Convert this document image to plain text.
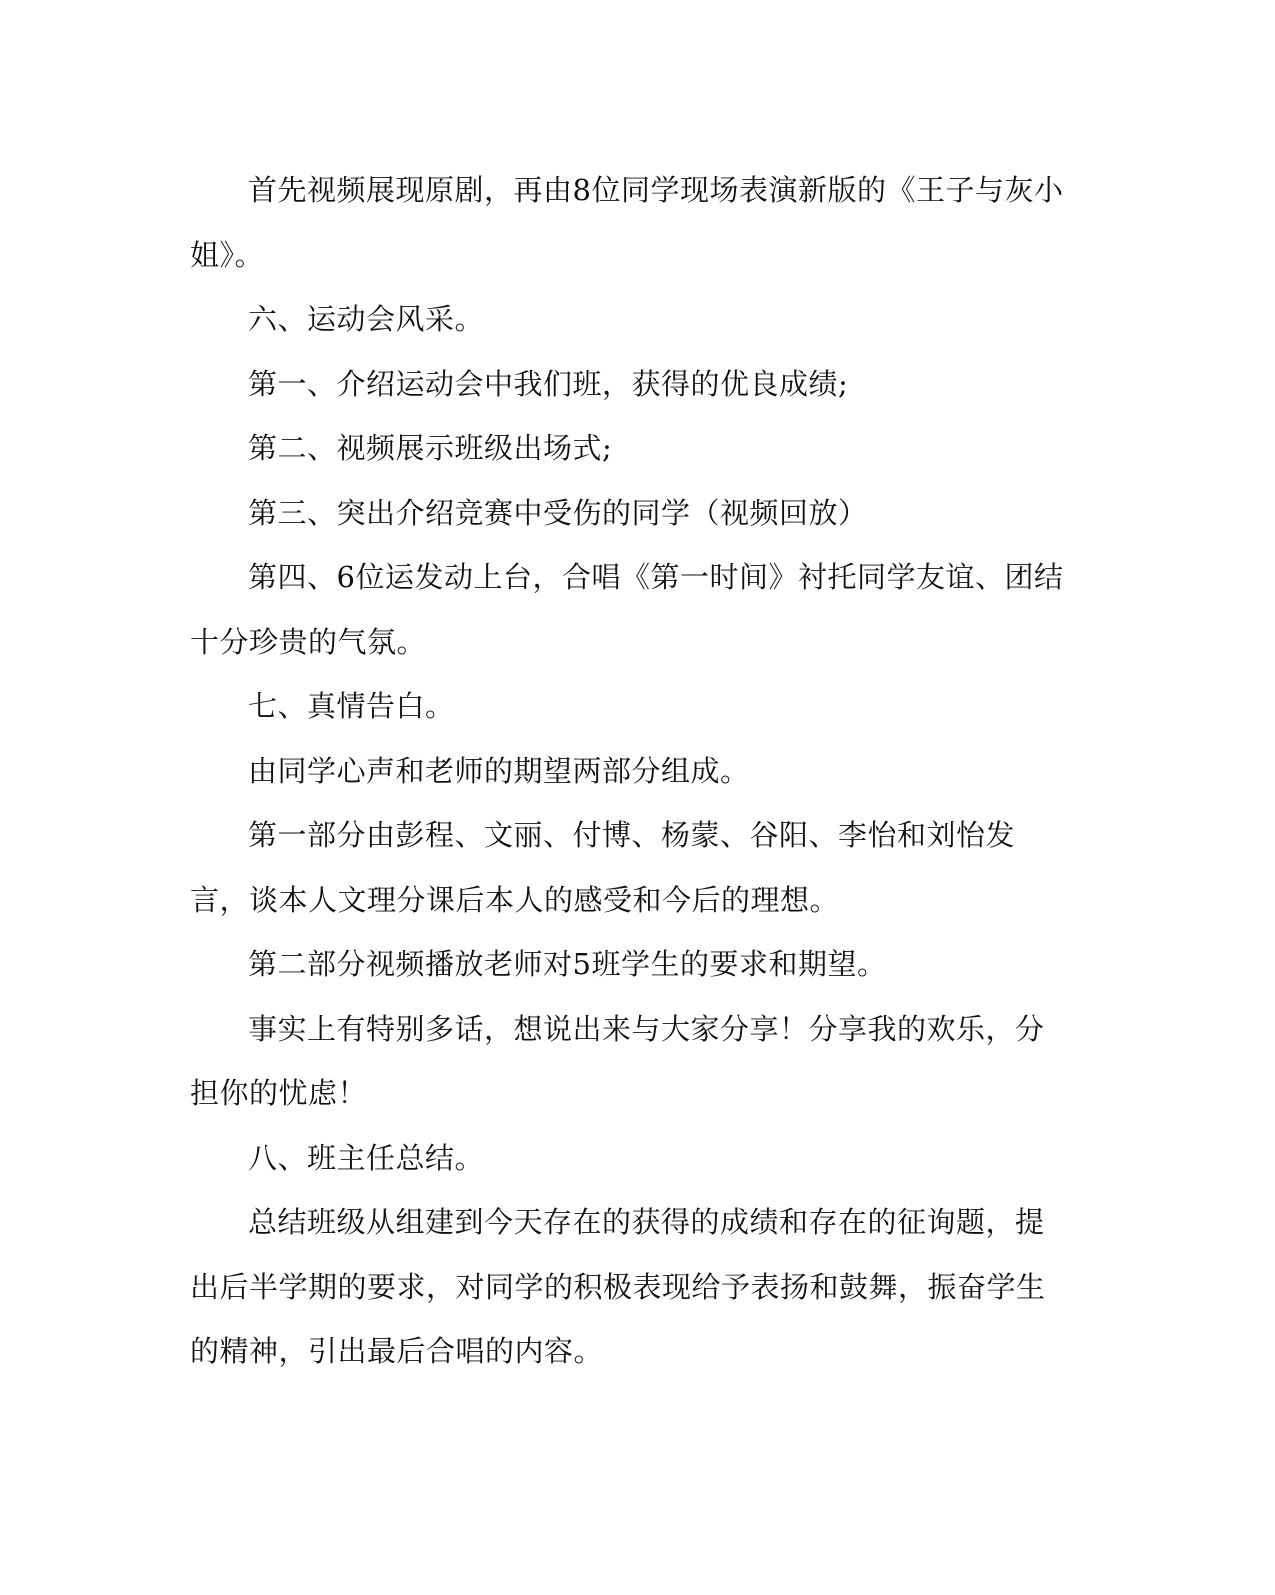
首先视频展现原剧，再由8位同学现场表演新版的《王子与灰小姐》。

六、运动会风采。

第一、介绍运动会中我们班，获得的优良成绩;

第二、视频展示班级出场式;

第三、突出介绍竞赛中受伤的同学（视频回放）

第四、6位运发动上台，合唱《第一时间》衬托同学友谊、团结十分珍贵的气氛。

七、真情告白。

由同学心声和老师的期望两部分组成。

第一部分由彭程、文丽、付博、杨蒙、谷阳、李怡和刘怡发言，谈本人文理分课后本人的感受和今后的理想。

第二部分视频播放老师对5班学生的要求和期望。

事实上有特别多话，想说出来与大家分享！分享我的欢乐，分担你的忧虑！

八、班主任总结。

总结班级从组建到今天存在的获得的成绩和存在的征询题，提出后半学期的要求，对同学的积极表现给予表扬和鼓舞，振奋学生的精神，引出最后合唱的内容。
